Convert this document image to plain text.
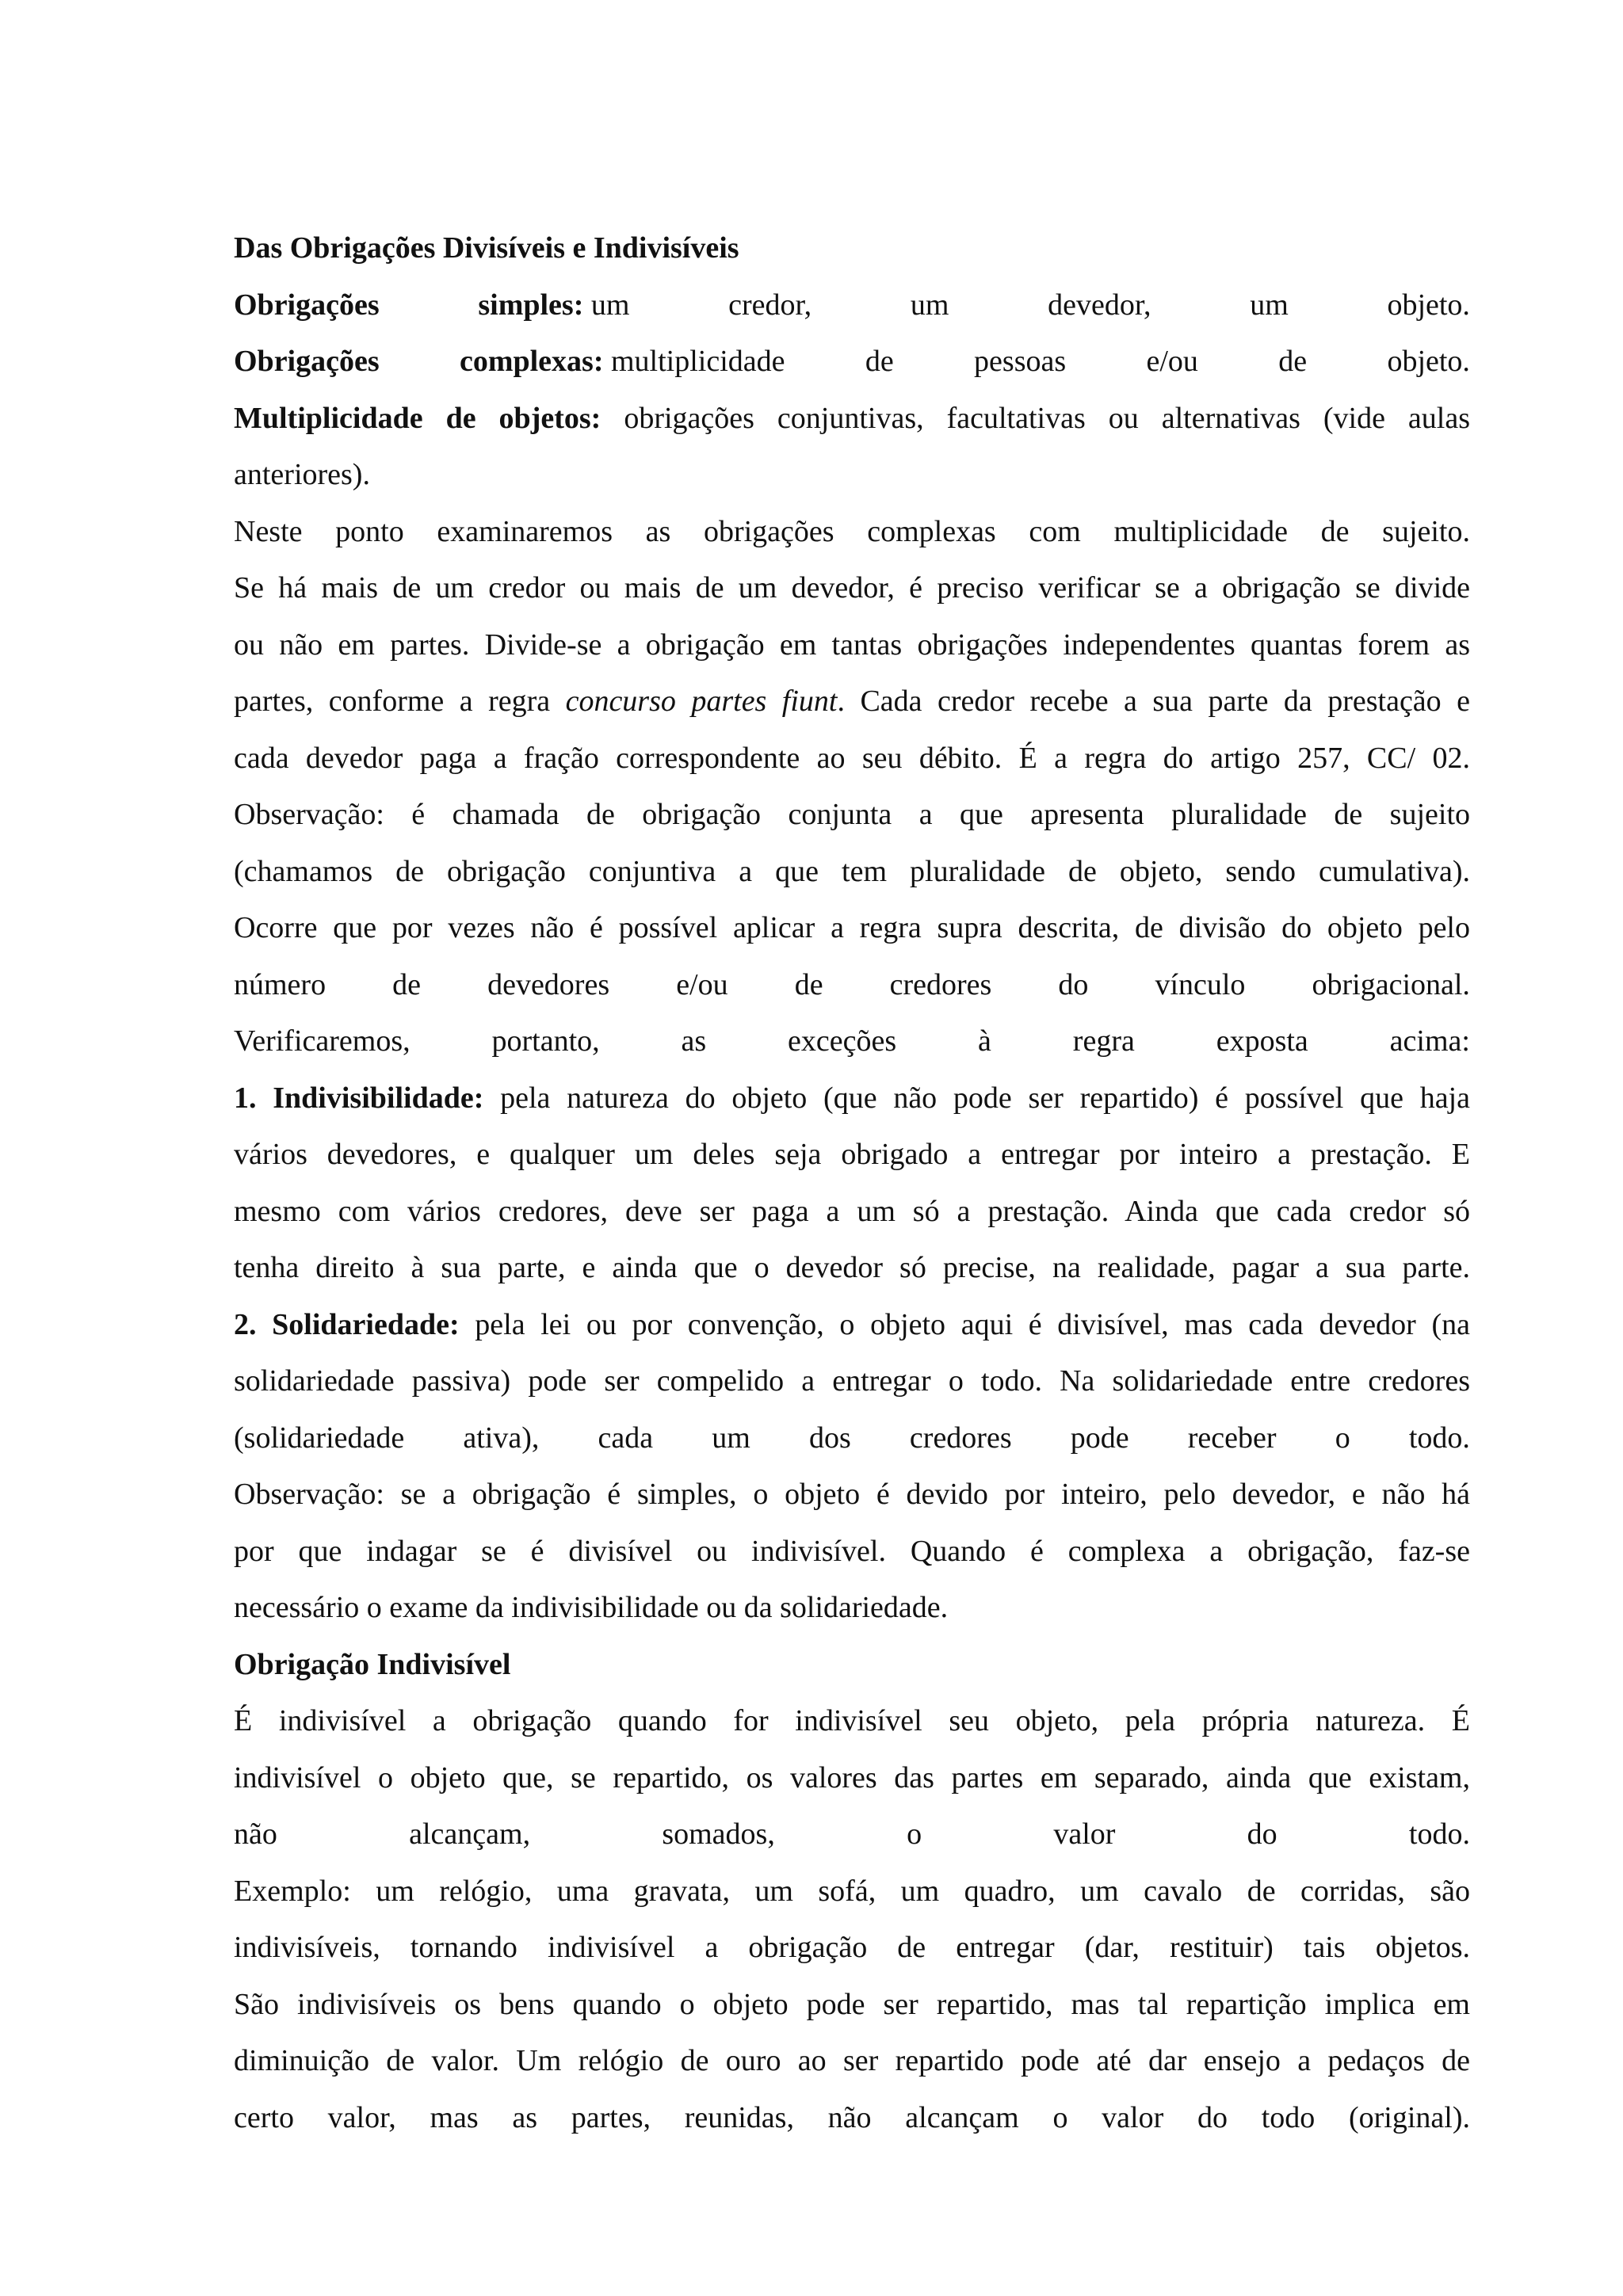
Das Obrigações Divisíveis e Indivisíveis
Obrigações	simples: um	credor,	um	devedor,	um	objeto.
Obrigações	complexas: multiplicidade	de	pessoas	e/ou	de	objeto.
Multiplicidade de objetos: obrigações conjuntivas, facultativas ou alternativas (vide aulas
anteriores).
Neste ponto examinaremos as obrigações complexas com multiplicidade de sujeito.
Se há mais de um credor ou mais de um devedor, é preciso verificar se a obrigação se divide
ou não em partes. Divide-se a obrigação em tantas obrigações independentes quantas forem as
partes, conforme a regra concurso partes fiunt. Cada credor recebe a sua parte da prestação e
cada devedor paga a fração correspondente ao seu débito. É a regra do artigo 257, CC/ 02.
Observação: é chamada de obrigação conjunta a que apresenta pluralidade de sujeito
(chamamos de obrigação conjuntiva a que tem pluralidade de objeto, sendo cumulativa).
Ocorre que por vezes não é possível aplicar a regra supra descrita, de divisão do objeto pelo
número de devedores e/ou de credores do vínculo obrigacional.
Verificaremos,	portanto,	as	exceções	à	regra	exposta	acima:
1. Indivisibilidade: pela natureza do objeto (que não pode ser repartido) é possível que haja
vários devedores, e qualquer um deles seja obrigado a entregar por inteiro a prestação. E
mesmo com vários credores, deve ser paga a um só a prestação. Ainda que cada credor só
tenha direito à sua parte, e ainda que o devedor só precise, na realidade, pagar a sua parte.
2. Solidariedade: pela lei ou por convenção, o objeto aqui é divisível, mas cada devedor (na
solidariedade passiva) pode ser compelido a entregar o todo. Na solidariedade entre credores
(solidariedade ativa), cada um dos credores pode receber o todo.
Observação: se a obrigação é simples, o objeto é devido por inteiro, pelo devedor, e não há
por que indagar se é divisível ou indivisível. Quando é complexa a obrigação, faz-se
necessário o exame da indivisibilidade ou da solidariedade.
Obrigação Indivisível
É indivisível a obrigação quando for indivisível seu objeto, pela própria natureza. É
indivisível o objeto que, se repartido, os valores das partes em separado, ainda que existam,
não	alcançam,	somados,	o	valor	do	todo.
Exemplo: um relógio, uma gravata, um sofá, um quadro, um cavalo de corridas, são
indivisíveis, tornando indivisível a obrigação de entregar (dar, restituir) tais objetos.
São indivisíveis os bens quando o objeto pode ser repartido, mas tal repartição implica em
diminuição de valor. Um relógio de ouro ao ser repartido pode até dar ensejo a pedaços de
certo valor, mas as partes, reunidas, não alcançam o valor do todo (original).
